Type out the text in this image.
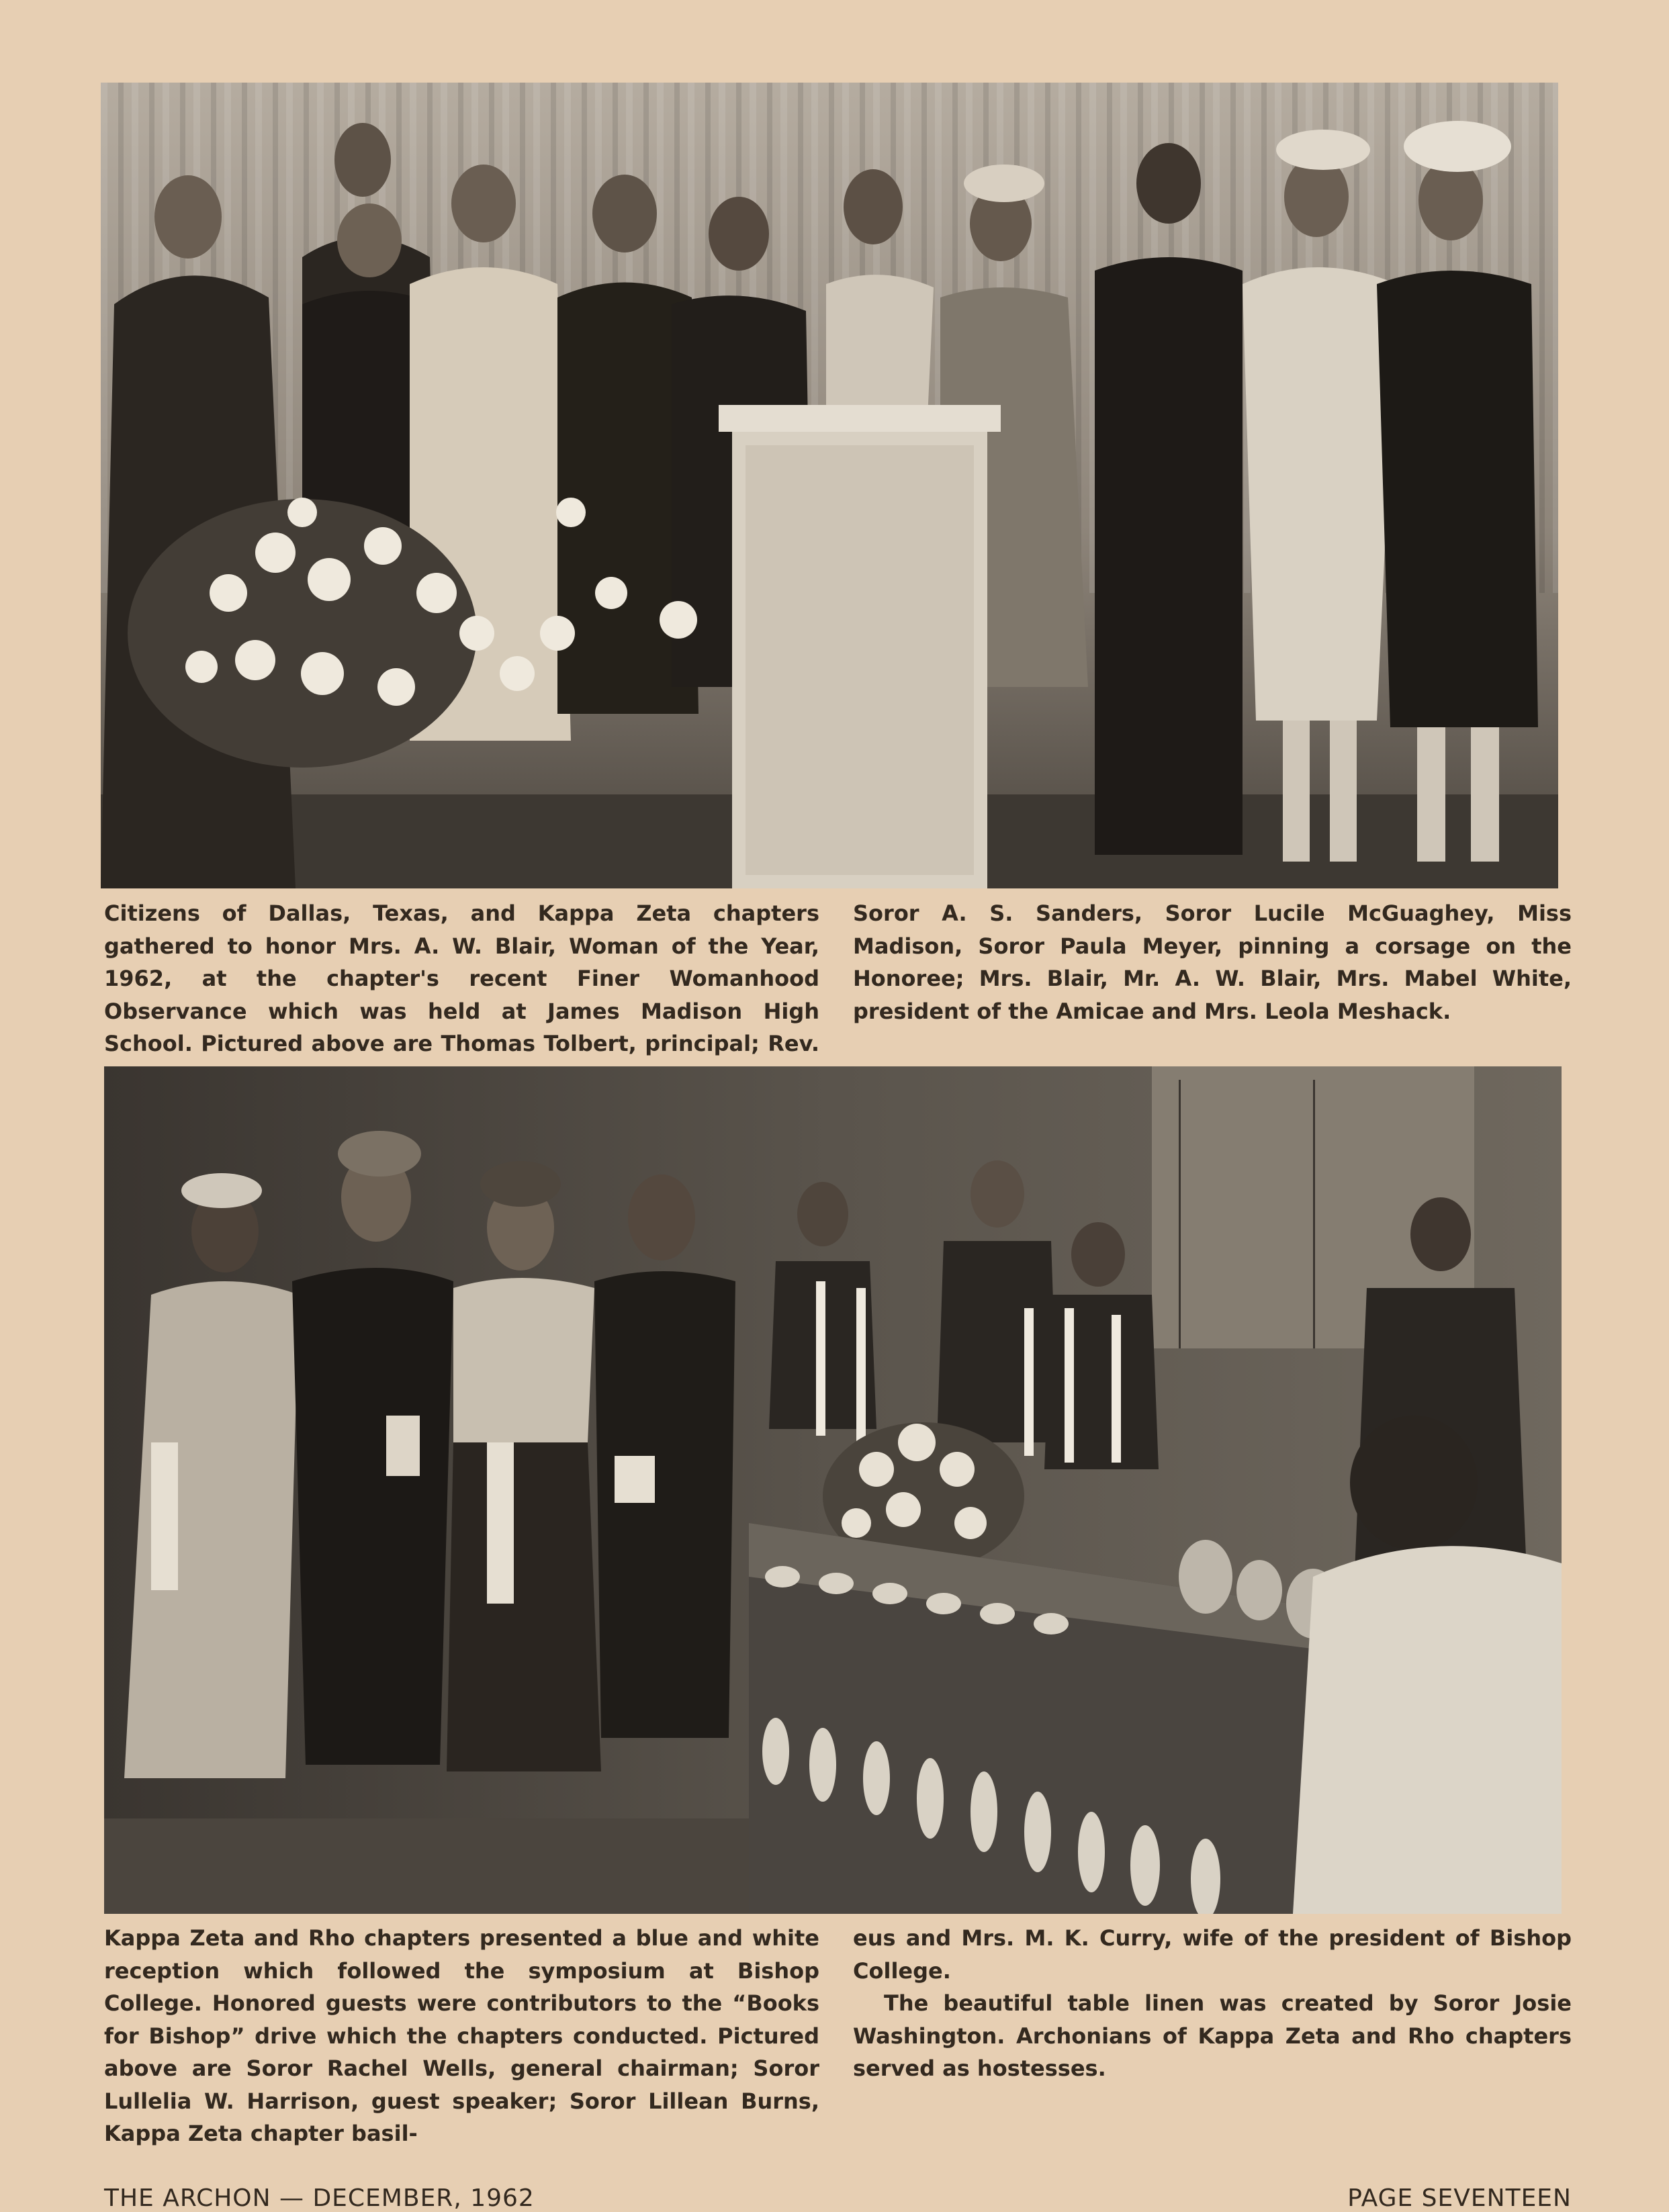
Citizens of Dallas, Texas, and Kappa Zeta chapters gathered to honor Mrs. A. W. Blair, Woman of the Year, 1962, at the chapter's recent Finer Womanhood Observance which was held at James Madison High School. Pictured above are Thomas Tolbert, principal; Rev.

Soror A. S. Sanders, Soror Lucile McGuaghey, Miss Madison, Soror Paula Meyer, pinning a corsage on the Honoree; Mrs. Blair, Mr. A. W. Blair, Mrs. Mabel White, president of the Amicae and Mrs. Leola Meshack.

Kappa Zeta and Rho chapters presented a blue and white reception which followed the symposium at Bishop College. Honored guests were contributors to the “Books for Bishop” drive which the chapters conducted. Pictured above are Soror Rachel Wells, general chairman; Soror Lullelia W. Harrison, guest speaker; Soror Lillean Burns, Kappa Zeta chapter basil-

eus and Mrs. M. K. Curry, wife of the president of Bishop College.

The beautiful table linen was created by Soror Josie Washington. Archonians of Kappa Zeta and Rho chapters served as hostesses.

THE ARCHON — DECEMBER, 1962	PAGE SEVENTEEN
